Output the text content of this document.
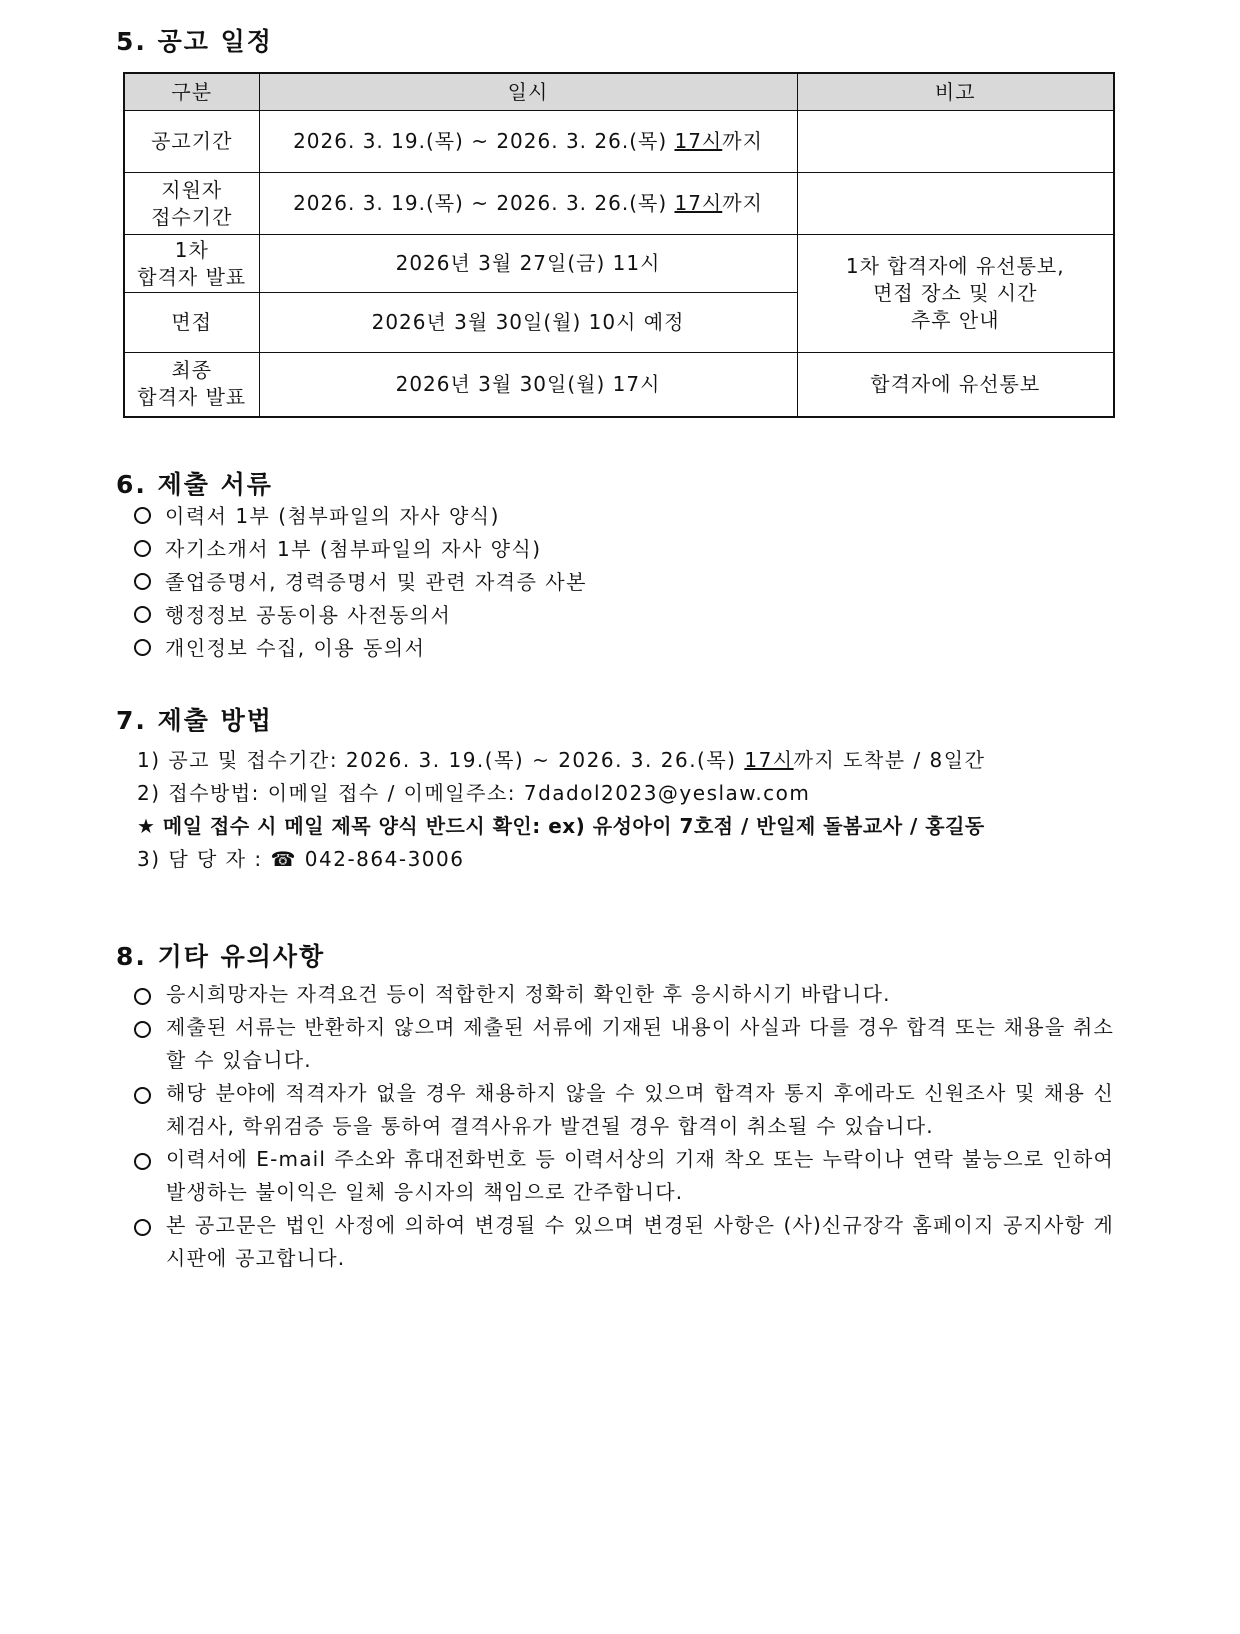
5. 공고 일정
구분	일시	비고
공고기간	2026. 3. 19.(목) ~ 2026. 3. 26.(목) 17시까지	
지원자
접수기간	2026. 3. 19.(목) ~ 2026. 3. 26.(목) 17시까지	
1차
합격자 발표	2026년 3월 27일(금) 11시	1차 합격자에 유선통보,
면접 장소 및 시간
추후 안내
면접	2026년 3월 30일(월) 10시 예정	
최종
합격자 발표	2026년 3월 30일(월) 17시	합격자에 유선통보
6. 제출 서류
이력서 1부 (첨부파일의 자사 양식)
자기소개서 1부 (첨부파일의 자사 양식)
졸업증명서, 경력증명서 및 관련 자격증 사본
행정정보 공동이용 사전동의서
개인정보 수집, 이용 동의서
7. 제출 방법
1) 공고 및 접수기간: 2026. 3. 19.(목) ~ 2026. 3. 26.(목) 17시까지 도착분 / 8일간
2) 접수방법: 이메일 접수 / 이메일주소: 7dadol2023@yeslaw.com
★ 메일 접수 시 메일 제목 양식 반드시 확인: ex) 유성아이 7호점 / 반일제 돌봄교사 / 홍길동
3) 담 당 자 : ☎ 042-864-3006
8. 기타 유의사항
응시희망자는 자격요건 등이 적합한지 정확히 확인한 후 응시하시기 바랍니다.
제출된 서류는 반환하지 않으며 제출된 서류에 기재된 내용이 사실과 다를 경우 합격 또는 채용을 취소할 수 있습니다.
해당 분야에 적격자가 없을 경우 채용하지 않을 수 있으며 합격자 통지 후에라도 신원조사 및 채용 신체검사, 학위검증 등을 통하여 결격사유가 발견될 경우 합격이 취소될 수 있습니다.
이력서에 E-mail 주소와 휴대전화번호 등 이력서상의 기재 착오 또는 누락이나 연락 불능으로 인하여 발생하는 불이익은 일체 응시자의 책임으로 간주합니다.
본 공고문은 법인 사정에 의하여 변경될 수 있으며 변경된 사항은 (사)신규장각 홈페이지 공지사항 게시판에 공고합니다.
